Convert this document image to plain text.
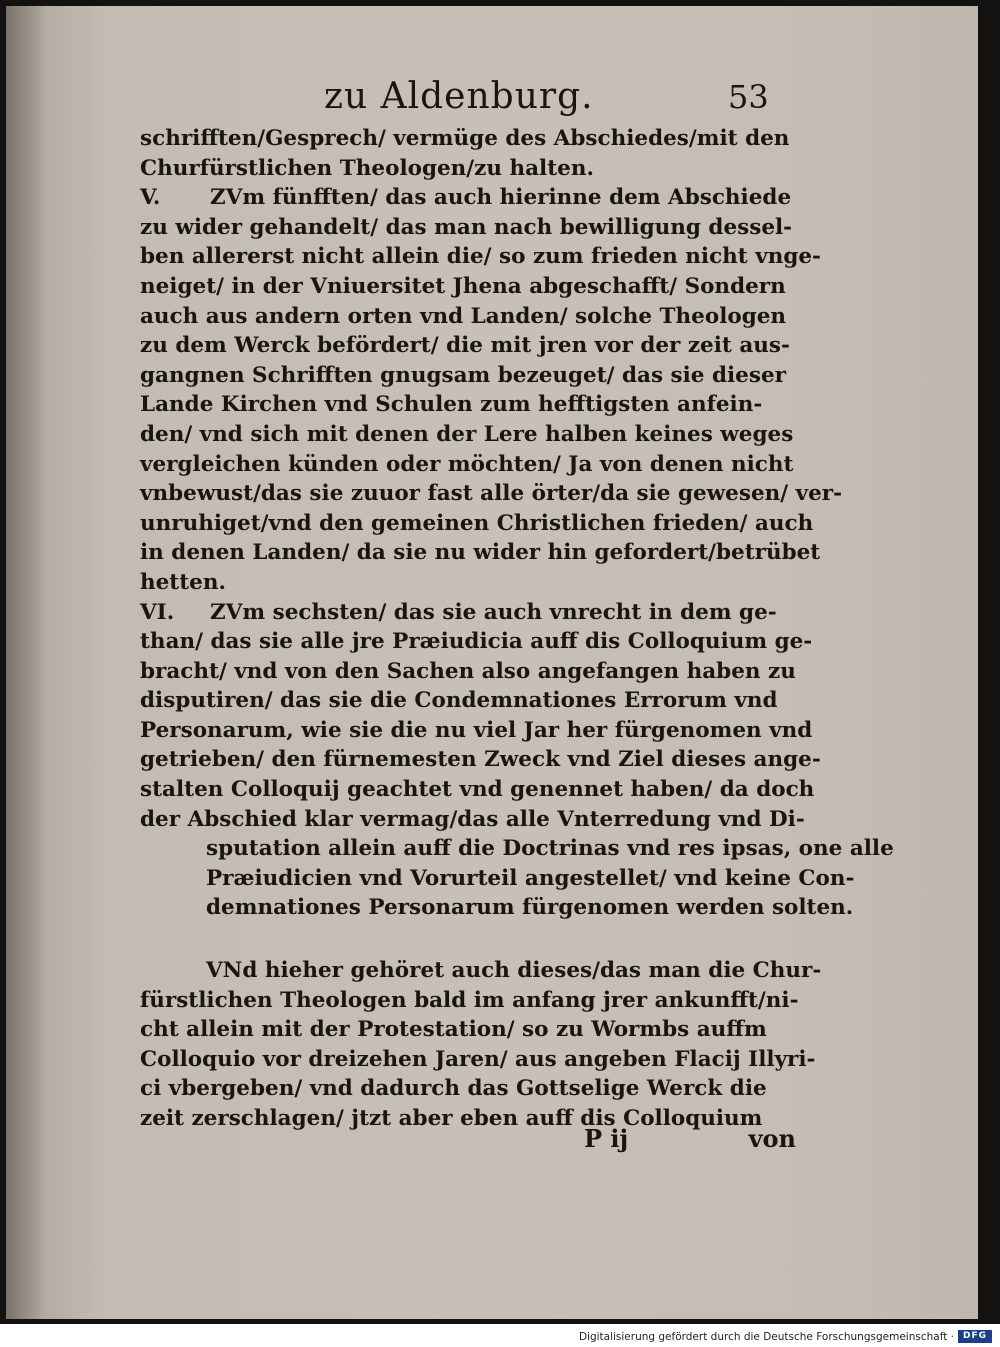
zu Aldenburg.	53
schrifften/Gesprech/ vermüge des Abschiedes/mit den
Churfürstlichen Theologen/zu halten.
V. ZVm fünfften/ das auch hierinne dem Abschiede
zu wider gehandelt/ das man nach bewilligung dessel-
ben allererst nicht allein die/ so zum frieden nicht vnge-
neiget/ in der Vniuersitet Jhena abgeschafft/ Sondern
auch aus andern orten vnd Landen/ solche Theologen
zu dem Werck befördert/ die mit jren vor der zeit aus-
gangnen Schrifften gnugsam bezeuget/ das sie dieser
Lande Kirchen vnd Schulen zum hefftigsten anfein-
den/ vnd sich mit denen der Lere halben keines weges
vergleichen künden oder möchten/ Ja von denen nicht
vnbewust/das sie zuuor fast alle örter/da sie gewesen/ ver-
unruhiget/vnd den gemeinen Christlichen frieden/ auch
in denen Landen/ da sie nu wider hin gefordert/betrübet
hetten.
VI. ZVm sechsten/ das sie auch vnrecht in dem ge-
than/ das sie alle jre Præiudicia auff dis Colloquium ge-
bracht/ vnd von den Sachen also angefangen haben zu
disputiren/ das sie die Condemnationes Errorum vnd
Personarum, wie sie die nu viel Jar her fürgenomen vnd
getrieben/ den fürnemesten Zweck vnd Ziel dieses ange-
stalten Colloquij geachtet vnd genennet haben/ da doch
der Abschied klar vermag/das alle Vnterredung vnd Di-
sputation allein auff die Doctrinas vnd res ipsas, one alle
Præiudicien vnd Vorurteil angestellet/ vnd keine Con-
demnationes Personarum fürgenomen werden solten.
VNd hieher gehöret auch dieses/das man die Chur-
fürstlichen Theologen bald im anfang jrer ankunfft/ni-
cht allein mit der Protestation/ so zu Wormbs auffm
Colloquio vor dreizehen Jaren/ aus angeben Flacij Illyri-
ci vbergeben/ vnd dadurch das Gottselige Werck die
zeit zerschlagen/ jtzt aber eben auff dis Colloquium
P ij	von
Digitalisierung gefördert durch die Deutsche Forschungsgemeinschaft · DFG
